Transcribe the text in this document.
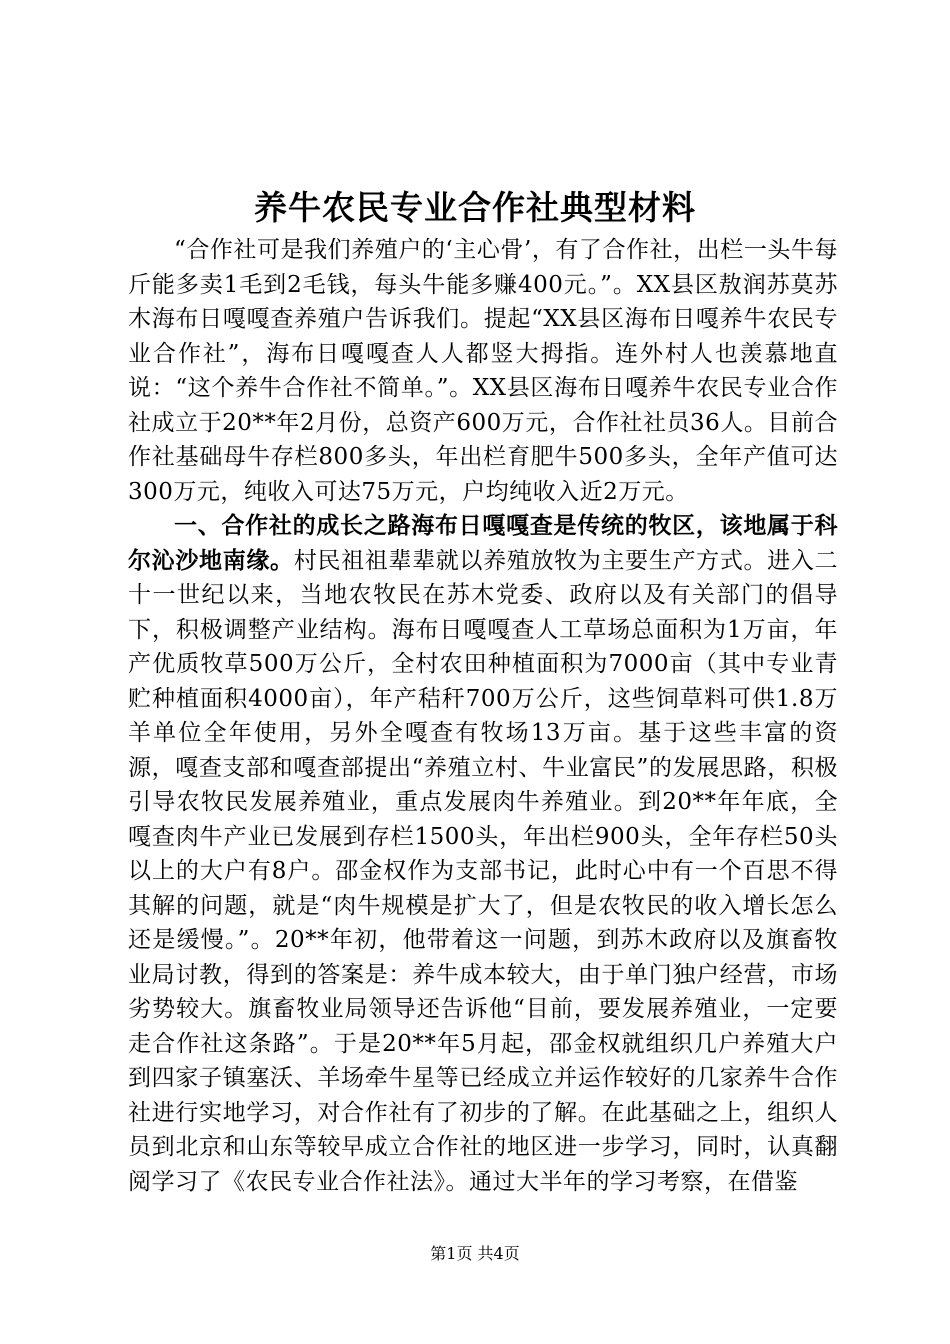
养牛农民专业合作社典型材料

“合作社可是我们养殖户的‘主心骨’，有了合作社，出栏一头牛每斤能多卖1毛到2毛钱，每头牛能多赚400元。”。XX县区敖润苏莫苏木海布日嘎嘎查养殖户告诉我们。提起“XX县区海布日嘎养牛农民专业合作社”，海布日嘎嘎查人人都竖大拇指。连外村人也羡慕地直说：“这个养牛合作社不简单。”。XX县区海布日嘎养牛农民专业合作社成立于20**年2月份，总资产600万元，合作社社员36人。目前合作社基础母牛存栏800多头，年出栏育肥牛500多头，全年产值可达300万元，纯收入可达75万元，户均纯收入近2万元。

一、合作社的成长之路海布日嘎嘎查是传统的牧区，该地属于科尔沁沙地南缘。村民祖祖辈辈就以养殖放牧为主要生产方式。进入二十一世纪以来，当地农牧民在苏木党委、政府以及有关部门的倡导下，积极调整产业结构。海布日嘎嘎查人工草场总面积为1万亩，年产优质牧草500万公斤，全村农田种植面积为7000亩（其中专业青贮种植面积4000亩），年产秸秆700万公斤，这些饲草料可供1.8万羊单位全年使用，另外全嘎查有牧场13万亩。基于这些丰富的资源，嘎查支部和嘎查部提出“养殖立村、牛业富民”的发展思路，积极引导农牧民发展养殖业，重点发展肉牛养殖业。到20**年年底，全嘎查肉牛产业已发展到存栏1500头，年出栏900头，全年存栏50头以上的大户有8户。邵金权作为支部书记，此时心中有一个百思不得其解的问题，就是“肉牛规模是扩大了，但是农牧民的收入增长怎么还是缓慢。”。20**年初，他带着这一问题，到苏木政府以及旗畜牧业局讨教，得到的答案是：养牛成本较大，由于单门独户经营，市场劣势较大。旗畜牧业局领导还告诉他“目前，要发展养殖业，一定要走合作社这条路”。于是20**年5月起，邵金权就组织几户养殖大户到四家子镇塞沃、羊场牵牛星等已经成立并运作较好的几家养牛合作社进行实地学习，对合作社有了初步的了解。在此基础之上，组织人员到北京和山东等较早成立合作社的地区进一步学习，同时，认真翻阅学习了《农民专业合作社法》。通过大半年的学习考察，在借鉴

第1页 共4页
